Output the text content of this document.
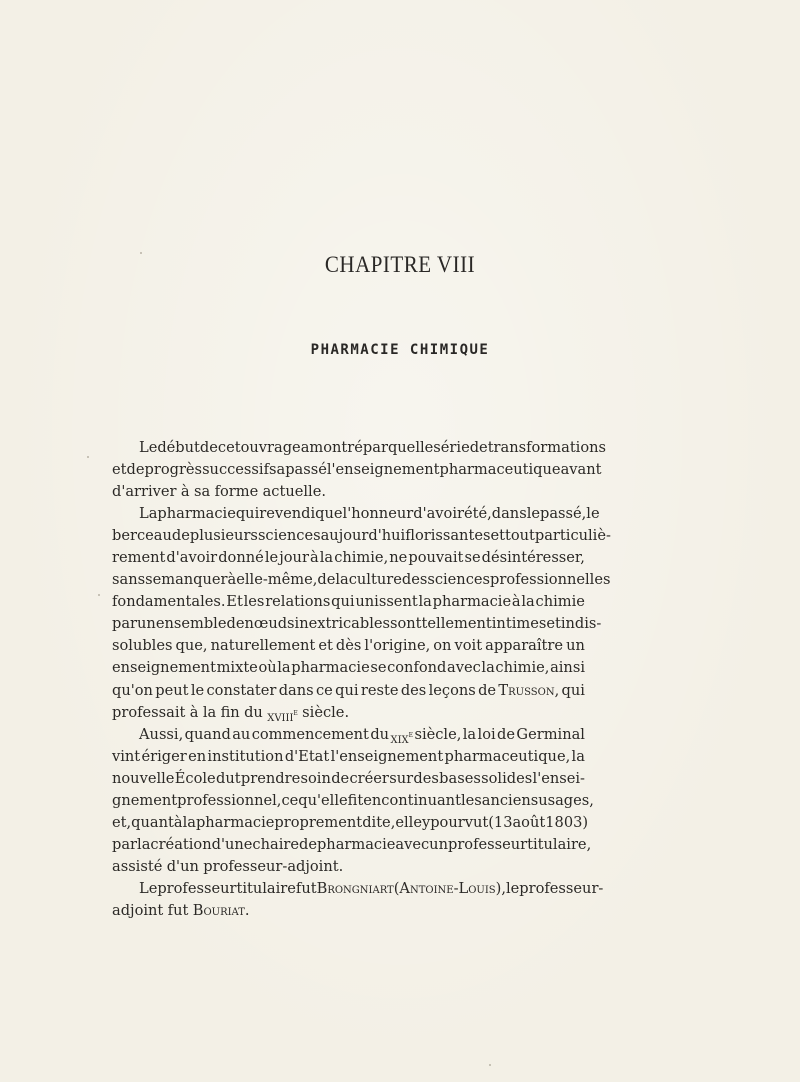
CHAPITRE VIII
PHARMACIE CHIMIQUE
Le début de cet ouvrage a montré par quelle série de transformations
et de progrès successifs a passé l'enseignement pharmaceutique avant
d'arriver à sa forme actuelle.
La pharmacie qui revendique l'honneur d'avoir été, dans le passé, le
berceau de plusieurs sciences aujourd'hui florissantes et tout particuliè-
rement d'avoir donné le jour à la chimie, ne pouvait se désintéresser,
sans se manquer à elle-même, de la culture des sciences professionnelles
fondamentales. Et les relations qui unissent la pharmacie à la chimie
par un ensemble de nœuds inextricables sont tellement intimes et indis-
solubles que, naturellement et dès l'origine, on voit apparaître un
enseignement mixte où la pharmacie se confond avec la chimie, ainsi
qu'on peut le constater dans ce qui reste des leçons de Trusson, qui
professait à la fin du xviii$^e$ siècle.
Aussi, quand au commencement du xix$^e$ siècle, la loi de Germinal
vint ériger en institution d'Etat l'enseignement pharmaceutique, la
nouvelle École dut prendre soin de créer sur des bases solides l'ensei-
gnement professionnel, ce qu'elle fit en continuant les anciens usages,
et, quant à la pharmacie proprement dite, elle y pourvut (13 août 1803)
par la création d'une chaire de pharmacie avec un professeur titulaire,
assisté d'un professeur-adjoint.
Le professeur titulaire fut Brongniart (Antoine-Louis), le professeur-
adjoint fut Bouriat.
